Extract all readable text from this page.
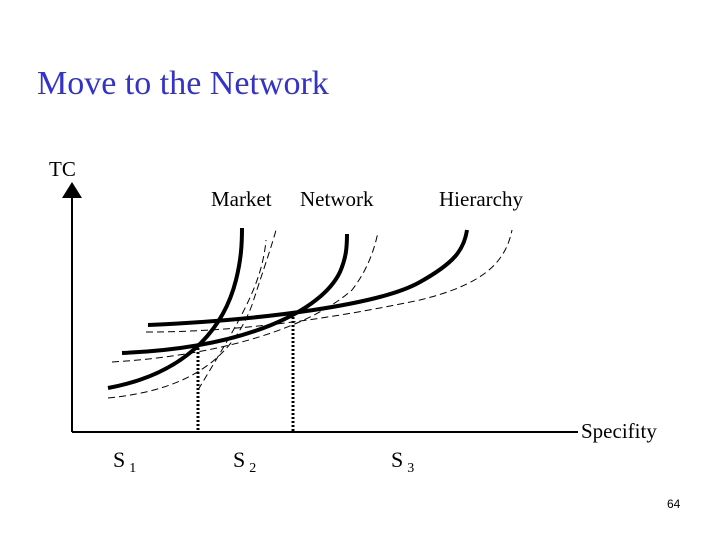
Move to the Network
TC
Market Network	Hierarchy
Specifity
S $_1$	S $_2$	S $_3$
64
